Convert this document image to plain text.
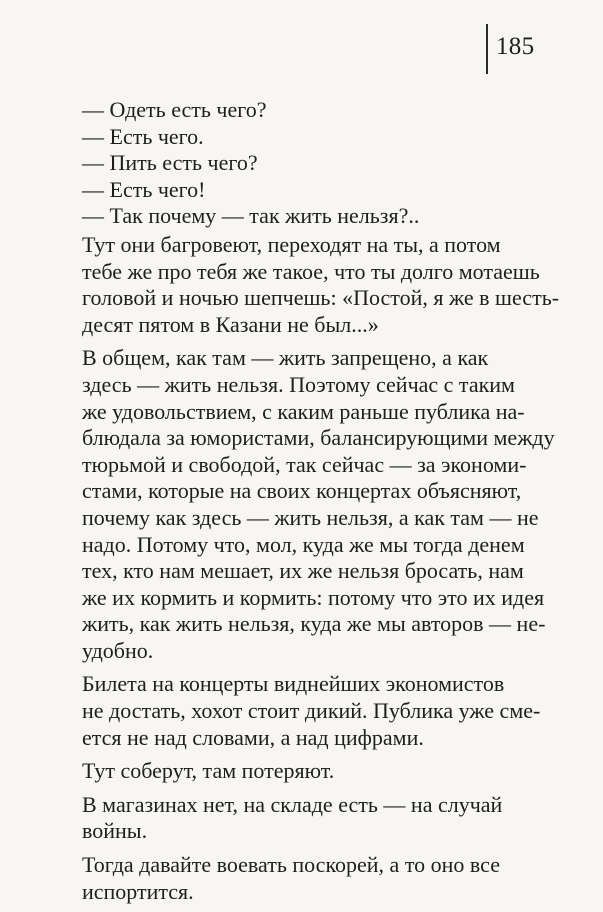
185
— Одеть есть чего?
— Есть чего.
— Пить есть чего?
— Есть чего!
— Так почему — так жить нельзя?..
Тут они багровеют, переходят на ты, а потом
тебе же про тебя же такое, что ты долго мотаешь
головой и ночью шепчешь: «Постой, я же в шесть-
десят пятом в Казани не был...»
В общем, как там — жить запрещено, а как
здесь — жить нельзя. Поэтому сейчас с таким
же удовольствием, с каким раньше публика на-
блюдала за юмористами, балансирующими между
тюрьмой и свободой, так сейчас — за экономи-
стами, которые на своих концертах объясняют,
почему как здесь — жить нельзя, а как там — не
надо. Потому что, мол, куда же мы тогда денем
тех, кто нам мешает, их же нельзя бросать, нам
же их кормить и кормить: потому что это их идея
жить, как жить нельзя, куда же мы авторов — не-
удобно.
Билета на концерты виднейших экономистов
не достать, хохот стоит дикий. Публика уже сме-
ется не над словами, а над цифрами.
Тут соберут, там потеряют.
В магазинах нет, на складе есть — на случай
войны.
Тогда давайте воевать поскорей, а то оно все
испортится.
